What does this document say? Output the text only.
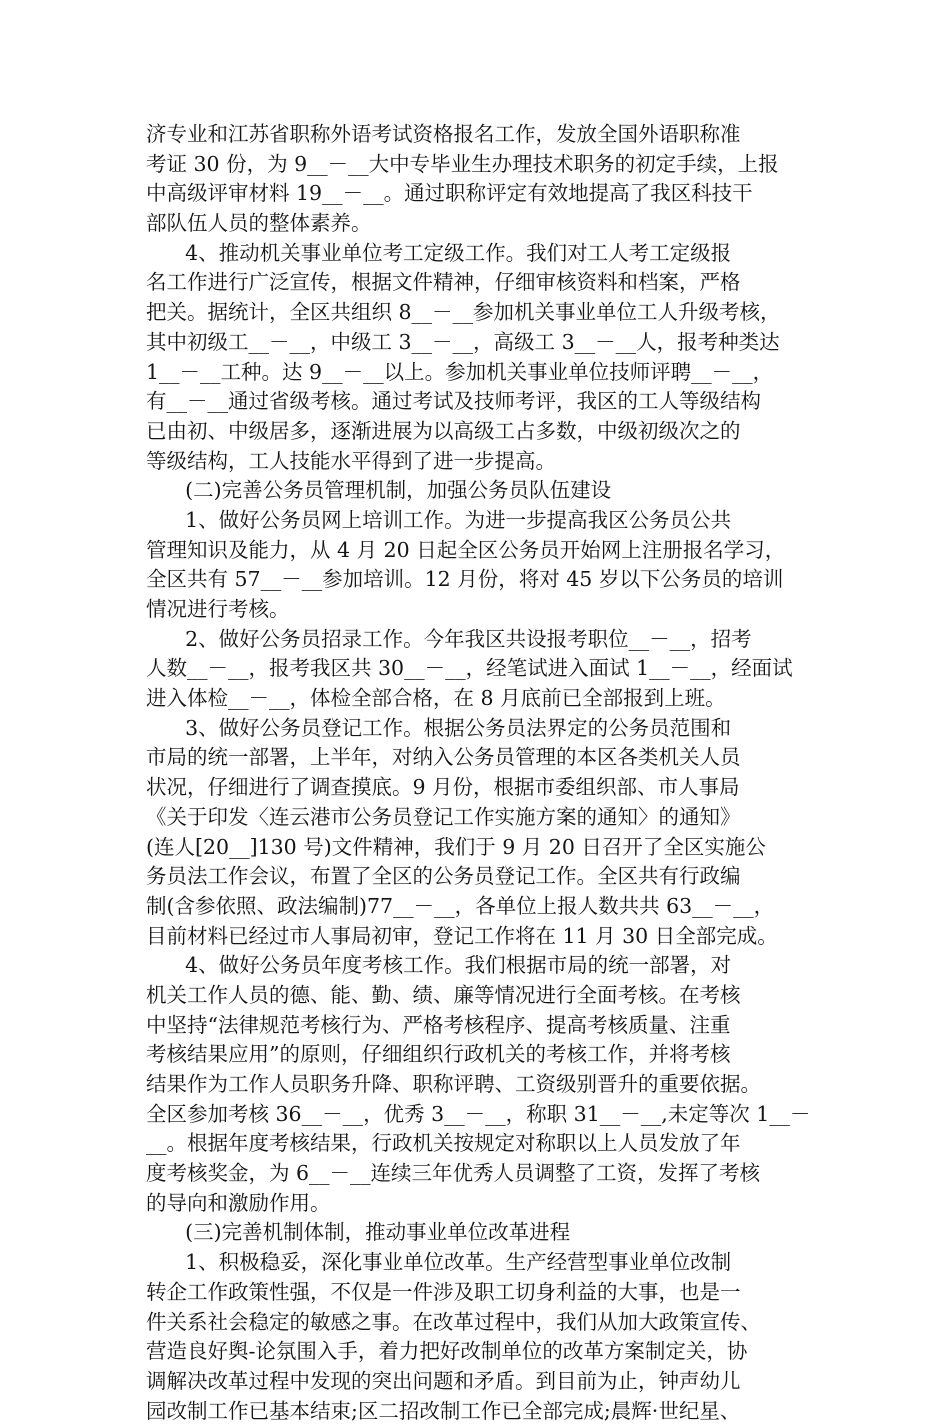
济专业和江苏省职称外语考试资格报名工作，发放全国外语职称准
考证 30 份，为 9__－__大中专毕业生办理技术职务的初定手续，上报
中高级评审材料 19__－__。通过职称评定有效地提高了我区科技干
部队伍人员的整体素养。
4、推动机关事业单位考工定级工作。我们对工人考工定级报
名工作进行广泛宣传，根据文件精神，仔细审核资料和档案，严格
把关。据统计，全区共组织 8__－__参加机关事业单位工人升级考核，
其中初级工__－__，中级工 3__－__，高级工 3__－__人，报考种类达
1__－__工种。达 9__－__以上。参加机关事业单位技师评聘__－__，
有__－__通过省级考核。通过考试及技师考评，我区的工人等级结构
已由初、中级居多，逐渐进展为以高级工占多数，中级初级次之的
等级结构，工人技能水平得到了进一步提高。
(二)完善公务员管理机制，加强公务员队伍建设
1、做好公务员网上培训工作。为进一步提高我区公务员公共
管理知识及能力，从 4 月 20 日起全区公务员开始网上注册报名学习，
全区共有 57__－__参加培训。12 月份，将对 45 岁以下公务员的培训
情况进行考核。
2、做好公务员招录工作。今年我区共设报考职位__－__，招考
人数__－__，报考我区共 30__－__，经笔试进入面试 1__－__，经面试
进入体检__－__，体检全部合格，在 8 月底前已全部报到上班。
3、做好公务员登记工作。根据公务员法界定的公务员范围和
市局的统一部署，上半年，对纳入公务员管理的本区各类机关人员
状况，仔细进行了调查摸底。9 月份，根据市委组织部、市人事局
《关于印发〈连云港市公务员登记工作实施方案的通知〉的通知》
(连人[20__]130 号)文件精神，我们于 9 月 20 日召开了全区实施公
务员法工作会议，布置了全区的公务员登记工作。全区共有行政编
制(含参依照、政法编制)77__－__，各单位上报人数共共 63__－__，
目前材料已经过市人事局初审，登记工作将在 11 月 30 日全部完成。
4、做好公务员年度考核工作。我们根据市局的统一部署，对
机关工作人员的德、能、勤、绩、廉等情况进行全面考核。在考核
中坚持“法律规范考核行为、严格考核程序、提高考核质量、注重
考核结果应用”的原则，仔细组织行政机关的考核工作，并将考核
结果作为工作人员职务升降、职称评聘、工资级别晋升的重要依据。
全区参加考核 36__－__，优秀 3__－__，称职 31__－__,未定等次 1__－
__。根据年度考核结果，行政机关按规定对称职以上人员发放了年
度考核奖金，为 6__－__连续三年优秀人员调整了工资，发挥了考核
的导向和激励作用。
(三)完善机制体制，推动事业单位改革进程
1、积极稳妥，深化事业单位改革。生产经营型事业单位改制
转企工作政策性强，不仅是一件涉及职工切身利益的大事，也是一
件关系社会稳定的敏感之事。在改革过程中，我们从加大政策宣传、
营造良好舆-论氛围入手，着力把好改制单位的改革方案制定关，协
调解决改革过程中发现的突出问题和矛盾。到目前为止，钟声幼儿
园改制工作已基本结束;区二招改制工作已全部完成;晨辉·世纪星、
